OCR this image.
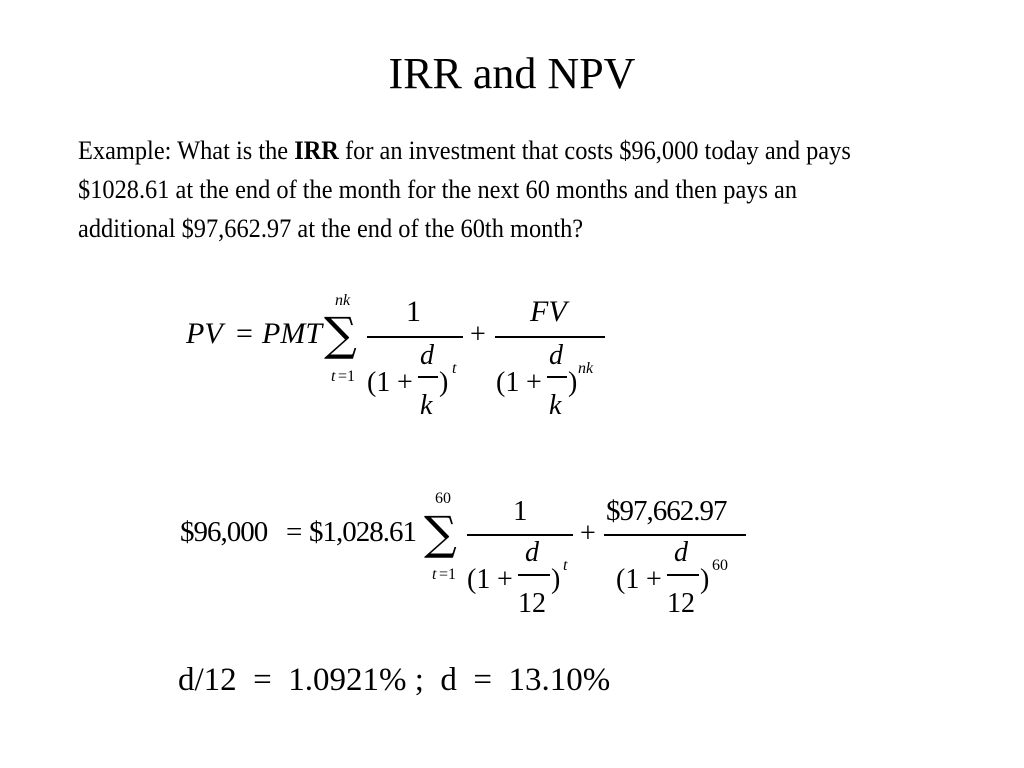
IRR and NPV
Example: What is the IRR for an investment that costs $96,000 today and pays $1028.61 at the end of the month for the next 60 months and then pays an additional $97,662.97 at the end of the 60th month?
PV = PMT ∑
nk
t =1
1
(1 +
d
k
) t
+
FV
(1 +
d
k
) nk
$96,000 = $1,028.61 ∑
60
t =1
1
(1 +
d
12
) t
+
$97,662.97
(1 +
d
12
) 60
d/12  =  1.0921% ;  d  =  13.10%
